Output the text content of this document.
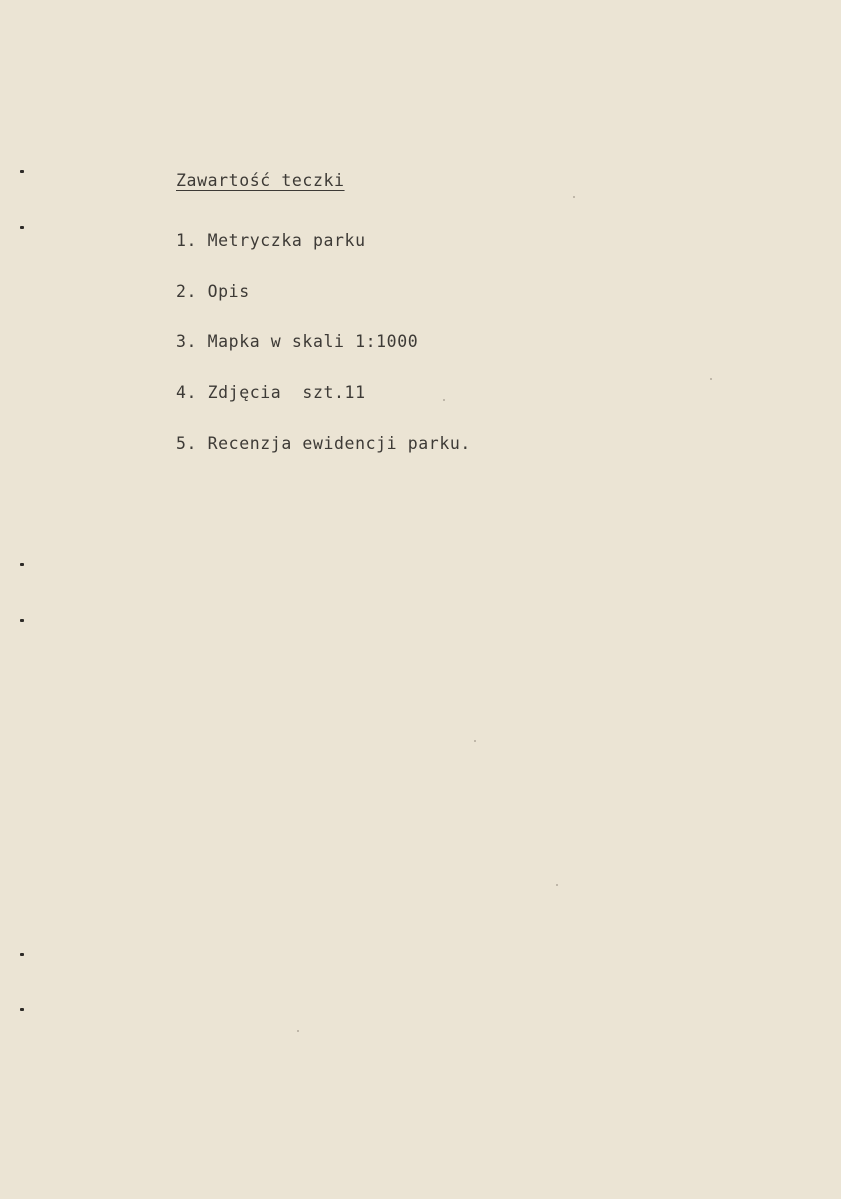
Zawartość teczki
1. Metryczka parku
2. Opis
3. Mapka w skali 1:1000
4. Zdjęcia  szt.11
5. Recenzja ewidencji parku.
